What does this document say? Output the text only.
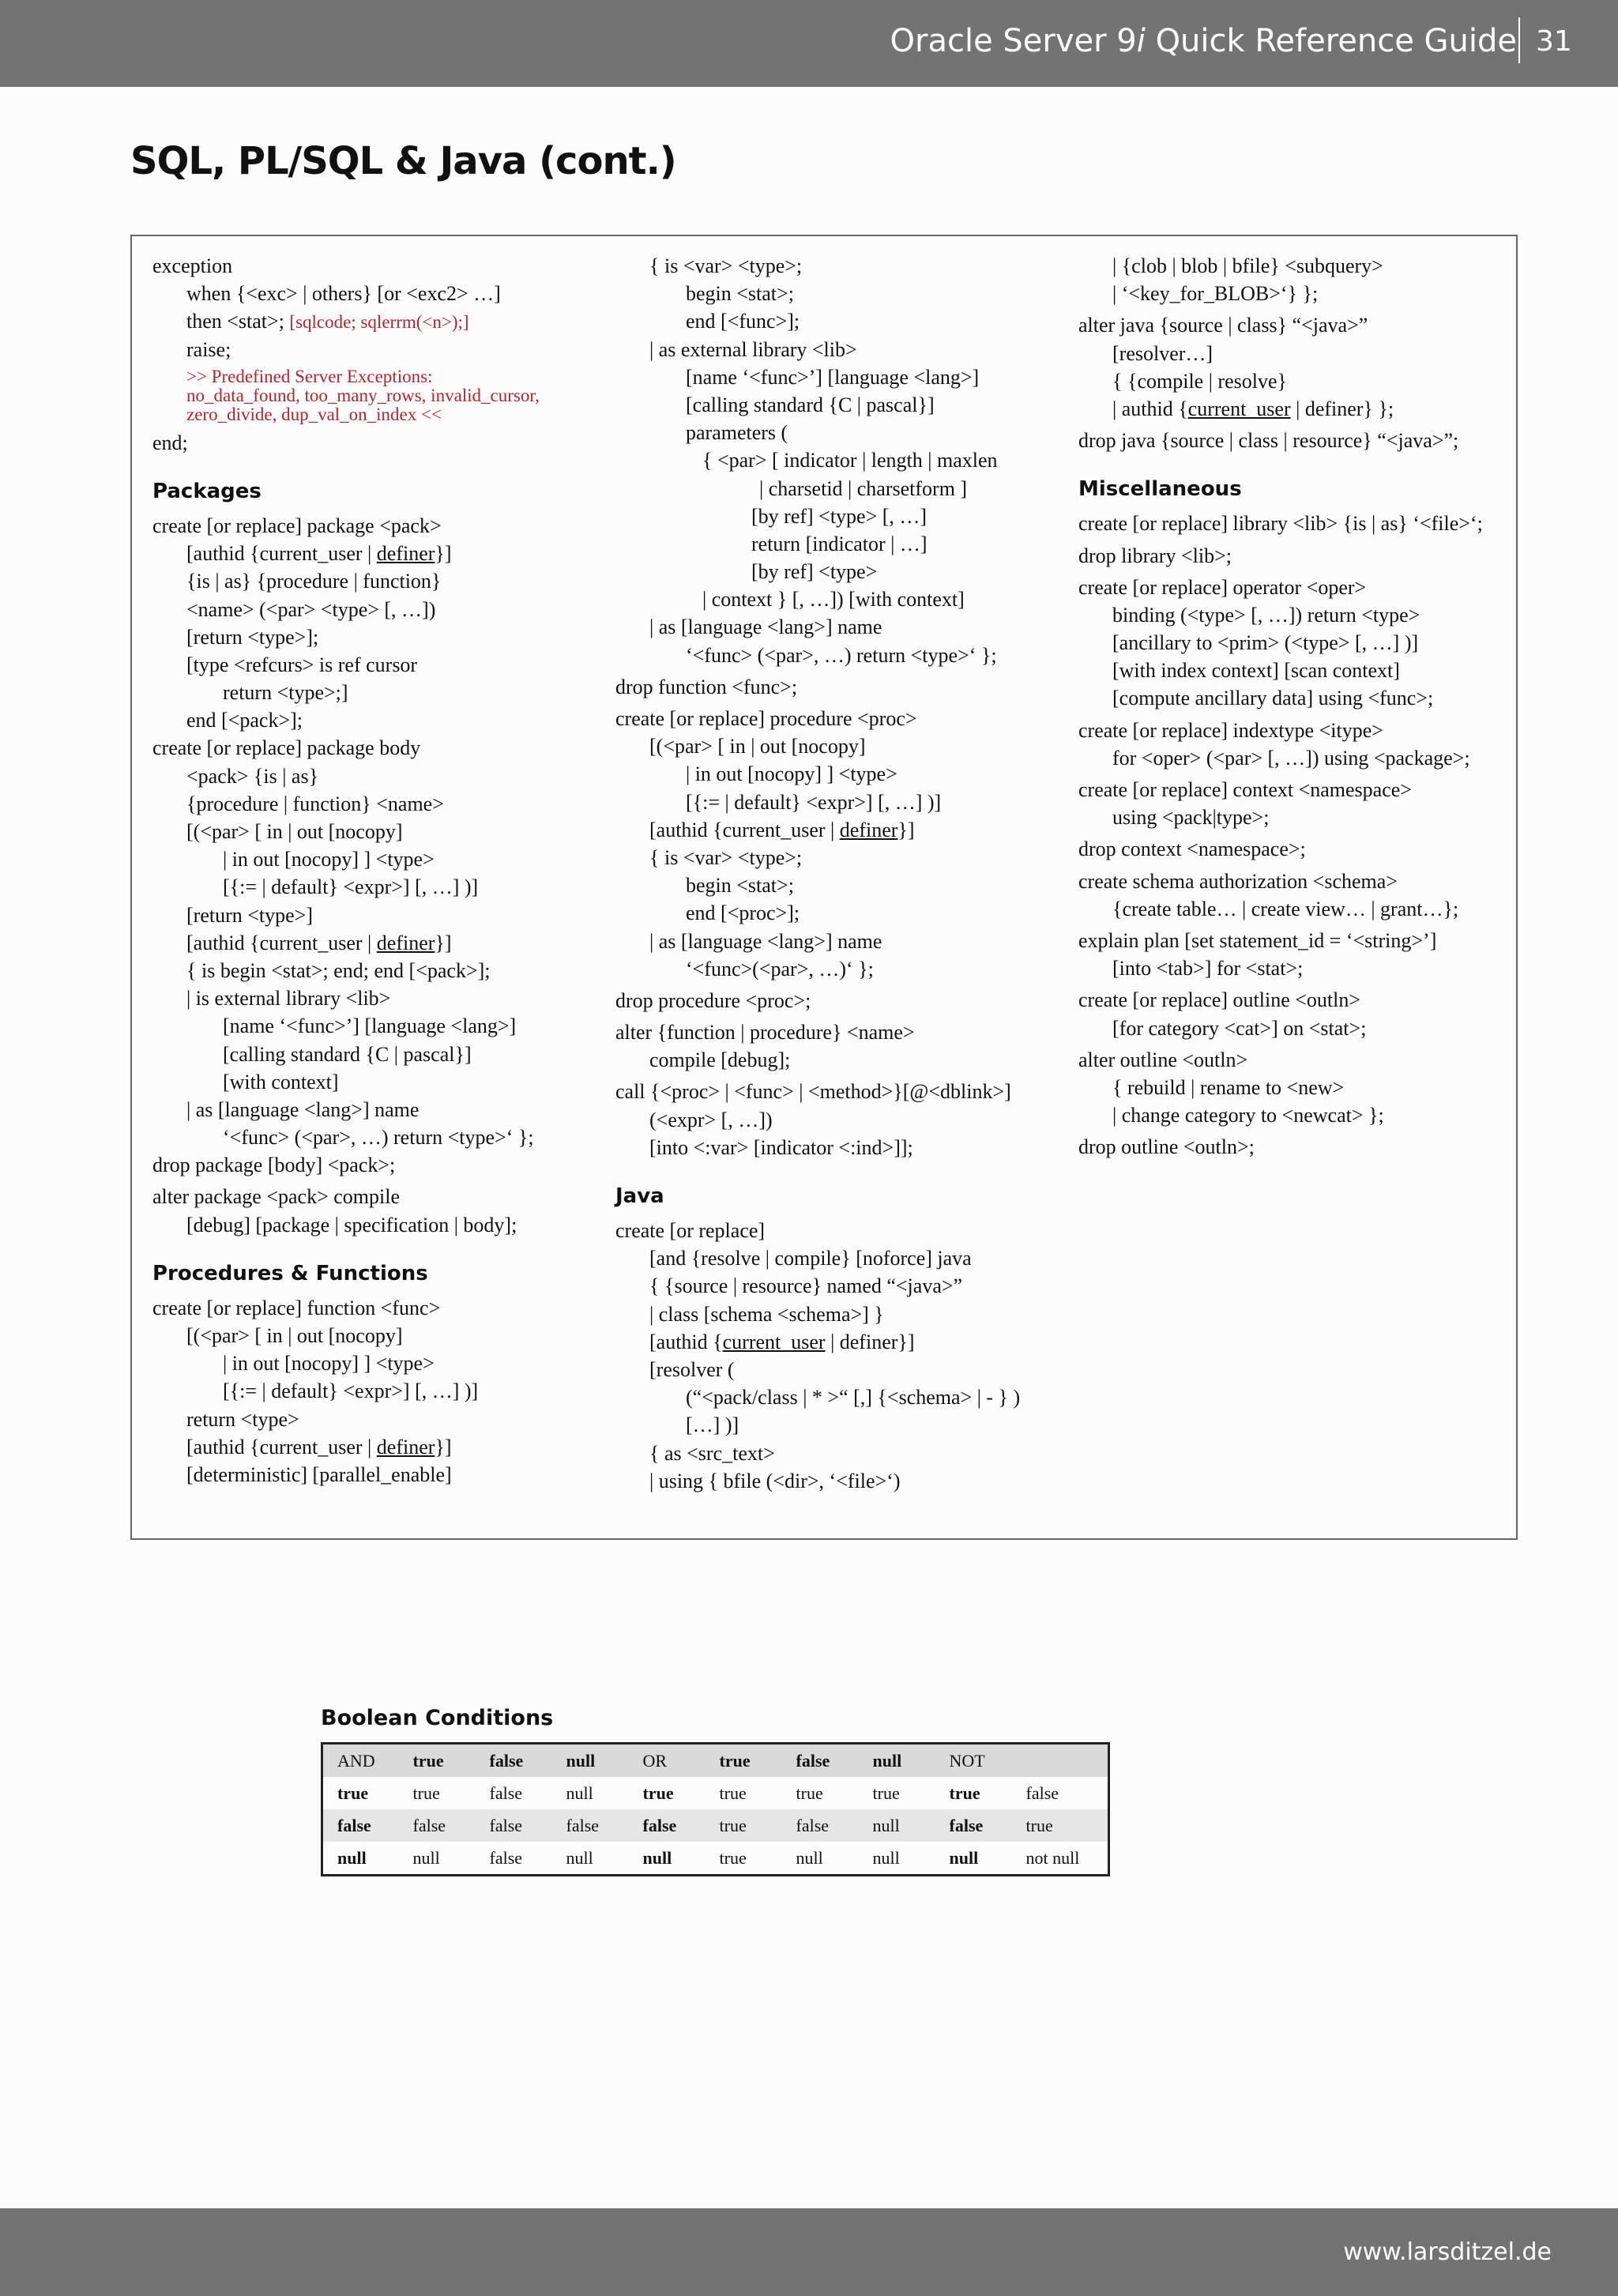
Oracle Server 9i Quick Reference Guide 31
SQL, PL/SQL & Java (cont.)
exception
when {<exc> | others} [or <exc2> …]
then <stat>; [sqlcode; sqlerrm(<n>);]
raise;
>> Predefined Server Exceptions:
no_data_found, too_many_rows, invalid_cursor,
zero_divide, dup_val_on_index <<
end;
Packages
create [or replace] package <pack>
[authid {current_user | definer}]
{is | as} {procedure | function}
<name> (<par> <type> [, …])
[return <type>];
[type <refcurs> is ref cursor
return <type>;]
end [<pack>];
create [or replace] package body
<pack> {is | as}
{procedure | function} <name>
[(<par> [ in | out [nocopy]
| in out [nocopy] ] <type>
[{:= | default} <expr>] [, …] )]
[return <type>]
[authid {current_user | definer}]
{ is begin <stat>; end; end [<pack>];
| is external library <lib>
[name ‘<func>’] [language <lang>]
[calling standard {C | pascal}]
[with context]
| as [language <lang>] name
‘<func> (<par>, …) return <type>‘ };
drop package [body] <pack>;
alter package <pack> compile
[debug] [package | specification | body];
Procedures & Functions
create [or replace] function <func>
[(<par> [ in | out [nocopy]
| in out [nocopy] ] <type>
[{:= | default} <expr>] [, …] )]
return <type>
[authid {current_user | definer}]
[deterministic] [parallel_enable]
{ is <var> <type>;
begin <stat>;
end [<func>];
| as external library <lib>
[name ‘<func>’] [language <lang>]
[calling standard {C | pascal}]
parameters (
{ <par> [ indicator | length | maxlen
| charsetid | charsetform ]
[by ref] <type> [, …]
return [indicator | …]
[by ref] <type>
| context } [, …]) [with context]
| as [language <lang>] name
‘<func> (<par>, …) return <type>‘ };
drop function <func>;
create [or replace] procedure <proc>
[(<par> [ in | out [nocopy]
| in out [nocopy] ] <type>
[{:= | default} <expr>] [, …] )]
[authid {current_user | definer}]
{ is <var> <type>;
begin <stat>;
end [<proc>];
| as [language <lang>] name
‘<func>(<par>, …)‘ };
drop procedure <proc>;
alter {function | procedure} <name>
compile [debug];
call {<proc> | <func> | <method>}[@<dblink>]
(<expr> [, …])
[into <:var> [indicator <:ind>]];
Java
create [or replace]
[and {resolve | compile} [noforce] java
{ {source | resource} named “<java>”
| class [schema <schema>] }
[authid {current_user | definer}]
[resolver (
(“<pack/class | * >“ [,] {<schema> | - } )
[…] )]
{ as <src_text>
| using { bfile (<dir>, ‘<file>‘)
| {clob | blob | bfile} <subquery>
| ‘<key_for_BLOB>‘} };
alter java {source | class} “<java>”
[resolver…]
{ {compile | resolve}
| authid {current_user | definer} };
drop java {source | class | resource} “<java>”;
Miscellaneous
create [or replace] library <lib> {is | as} ‘<file>‘;
drop library <lib>;
create [or replace] operator <oper>
binding (<type> [, …]) return <type>
[ancillary to <prim> (<type> [, …] )]
[with index context] [scan context]
[compute ancillary data] using <func>;
create [or replace] indextype <itype>
for <oper> (<par> [, …]) using <package>;
create [or replace] context <namespace>
using <pack|type>;
drop context <namespace>;
create schema authorization <schema>
{create table… | create view… | grant…};
explain plan [set statement_id = ‘<string>’]
[into <tab>] for <stat>;
create [or replace] outline <outln>
[for category <cat>] on <stat>;
alter outline <outln>
{ rebuild | rename to <new>
| change category to <newcat> };
drop outline <outln>;
Boolean Conditions
AND	true	false	null	OR	true	false	null	NOT	
true	true	false	null	true	true	true	true	true	false
false	false	false	false	false	true	false	null	false	true
null	null	false	null	null	true	null	null	null	not null
www.larsditzel.de
